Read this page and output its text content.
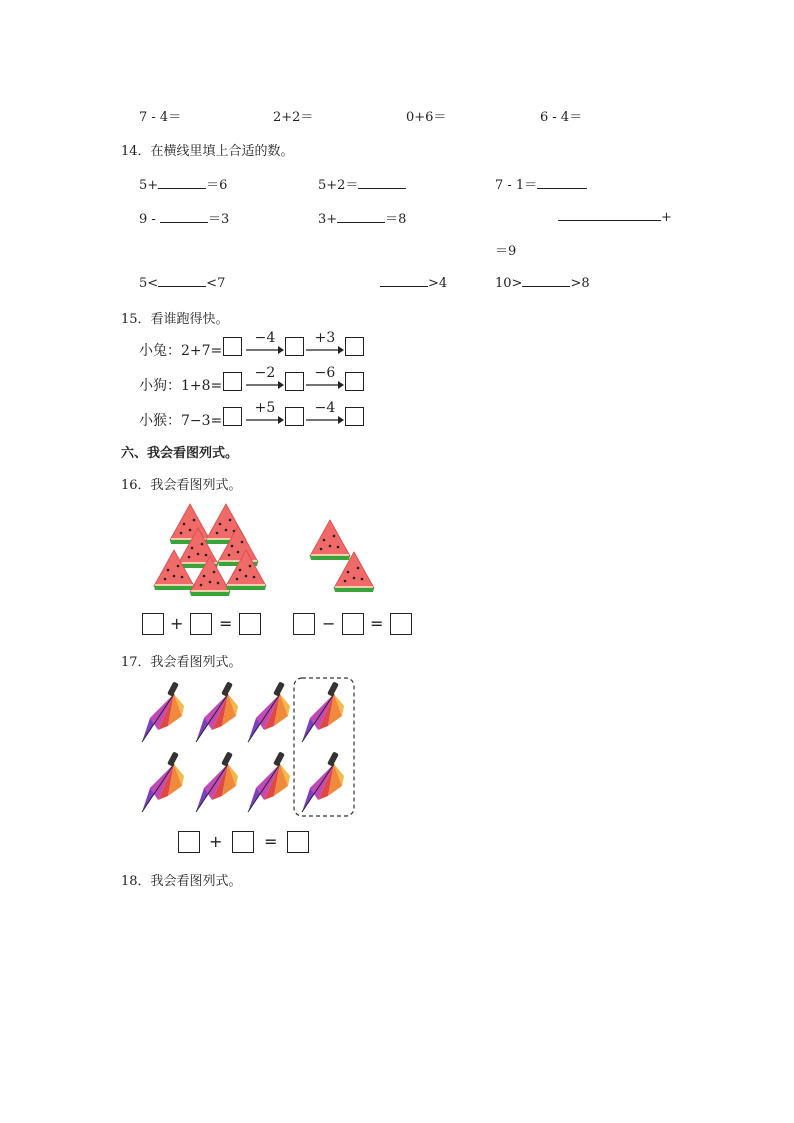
7 - 4＝	2+2＝	0+6＝	6 - 4＝
14．在横线里填上合适的数。
5+	＝6	5+2＝	7 - 1＝
9 -	＝3	3+	＝8	+
＝9
5<	<7	>4	10>	>8
15．看谁跑得快。
小兔：2+7=
−4	+3
小狗：1+8=
−2	−6
小猴：7−3=
+5	−4
六、我会看图列式。
16．我会看图列式。
+ =	− =
17．我会看图列式。
+	=
18．我会看图列式。
